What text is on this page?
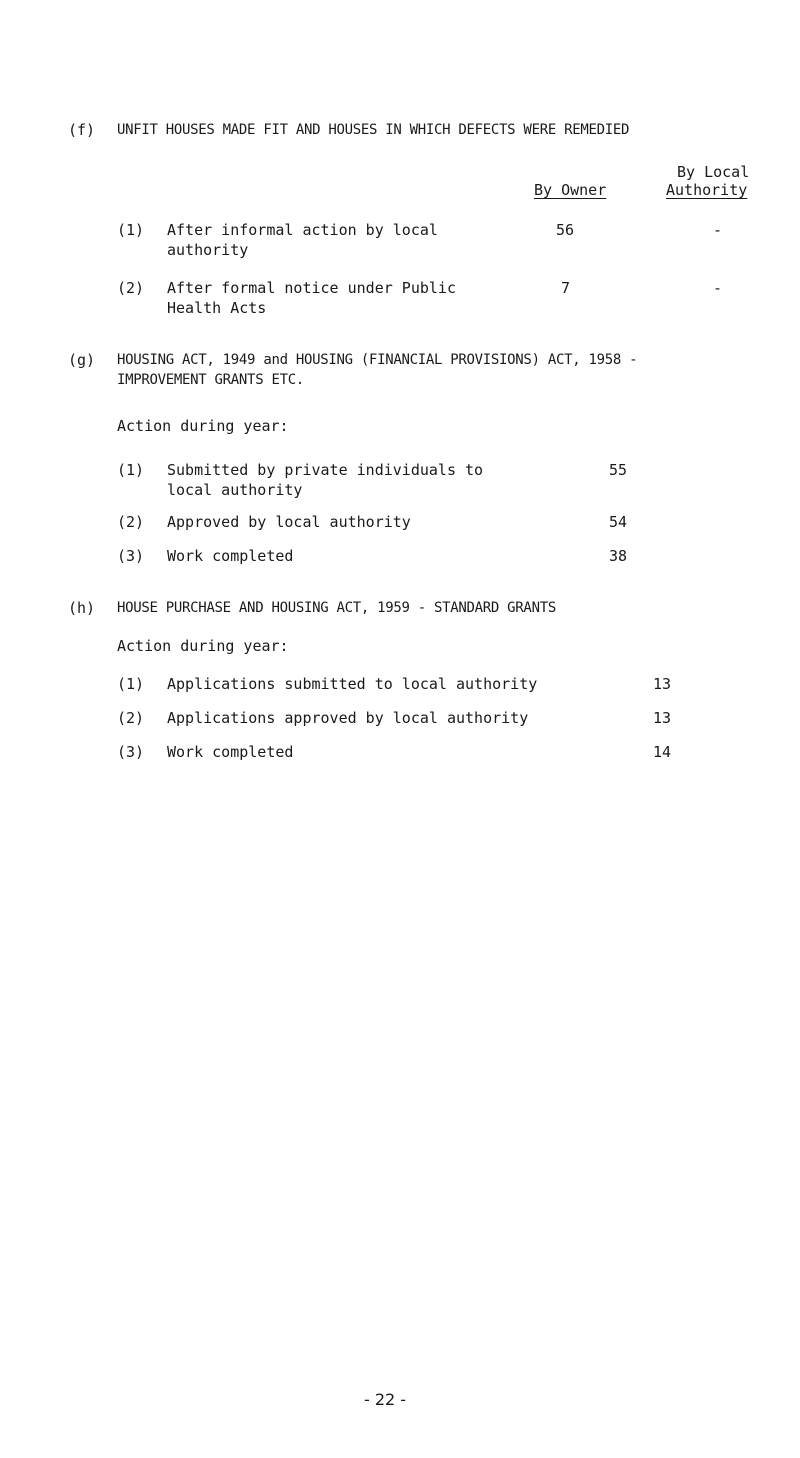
(f) UNFIT HOUSES MADE FIT AND HOUSES IN WHICH DEFECTS WERE REMEDIED
By Local
By Owner	Authority
(1) After informal action by local
authority
56	-
(2) After formal notice under Public
Health Acts
7	-
(g) HOUSING ACT, 1949 and HOUSING (FINANCIAL PROVISIONS) ACT, 1958 -
IMPROVEMENT GRANTS ETC.
Action during year:
(1) Submitted by private individuals to
local authority
55
(2) Approved by local authority	54
(3) Work completed	38
(h) HOUSE PURCHASE AND HOUSING ACT, 1959 - STANDARD GRANTS
Action during year:
(1) Applications submitted to local authority	13
(2) Applications approved by local authority	13
(3) Work completed	14
- 22 -
